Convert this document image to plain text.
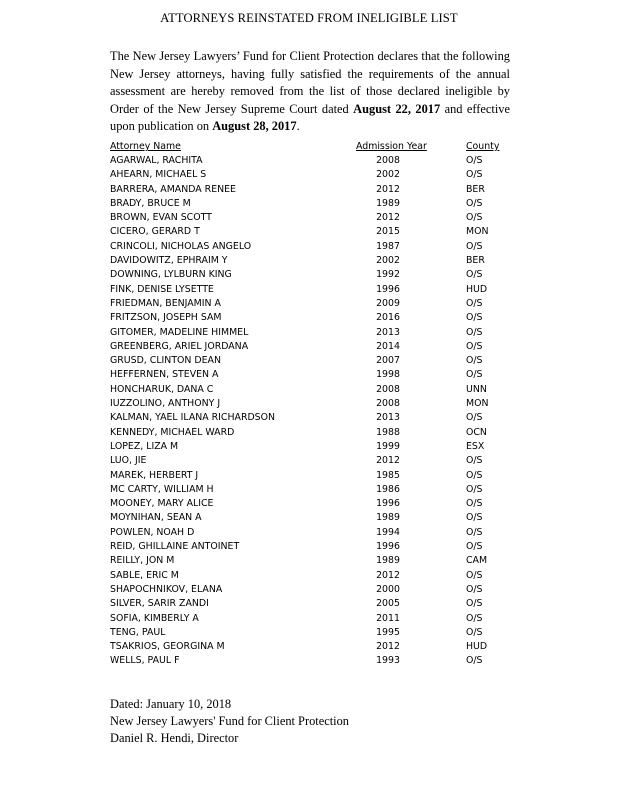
ATTORNEYS REINSTATED FROM INELIGIBLE LIST
The New Jersey Lawyers’ Fund for Client Protection declares that the following New Jersey attorneys, having fully satisfied the requirements of the annual assessment are hereby removed from the list of those declared ineligible by Order of the New Jersey Supreme Court dated August 22, 2017 and effective upon publication on August 28, 2017.
Attorney Name	Admission Year	County
AGARWAL, RACHITA	2008	O/S
AHEARN, MICHAEL S	2002	O/S
BARRERA, AMANDA RENEE	2012	BER
BRADY, BRUCE M	1989	O/S
BROWN, EVAN SCOTT	2012	O/S
CICERO, GERARD T	2015	MON
CRINCOLI, NICHOLAS ANGELO	1987	O/S
DAVIDOWITZ, EPHRAIM Y	2002	BER
DOWNING, LYLBURN KING	1992	O/S
FINK, DENISE LYSETTE	1996	HUD
FRIEDMAN, BENJAMIN A	2009	O/S
FRITZSON, JOSEPH SAM	2016	O/S
GITOMER, MADELINE HIMMEL	2013	O/S
GREENBERG, ARIEL JORDANA	2014	O/S
GRUSD, CLINTON DEAN	2007	O/S
HEFFERNEN, STEVEN A	1998	O/S
HONCHARUK, DANA C	2008	UNN
IUZZOLINO, ANTHONY J	2008	MON
KALMAN, YAEL ILANA RICHARDSON	2013	O/S
KENNEDY, MICHAEL WARD	1988	OCN
LOPEZ, LIZA M	1999	ESX
LUO, JIE	2012	O/S
MAREK, HERBERT J	1985	O/S
MC CARTY, WILLIAM H	1986	O/S
MOONEY, MARY ALICE	1996	O/S
MOYNIHAN, SEAN A	1989	O/S
POWLEN, NOAH D	1994	O/S
REID, GHILLAINE ANTOINET	1996	O/S
REILLY, JON M	1989	CAM
SABLE, ERIC M	2012	O/S
SHAPOCHNIKOV, ELANA	2000	O/S
SILVER, SARIR ZANDI	2005	O/S
SOFIA, KIMBERLY A	2011	O/S
TENG, PAUL	1995	O/S
TSAKRIOS, GEORGINA M	2012	HUD
WELLS, PAUL F	1993	O/S
Dated: January 10, 2018
New Jersey Lawyers' Fund for Client Protection
Daniel R. Hendi, Director
